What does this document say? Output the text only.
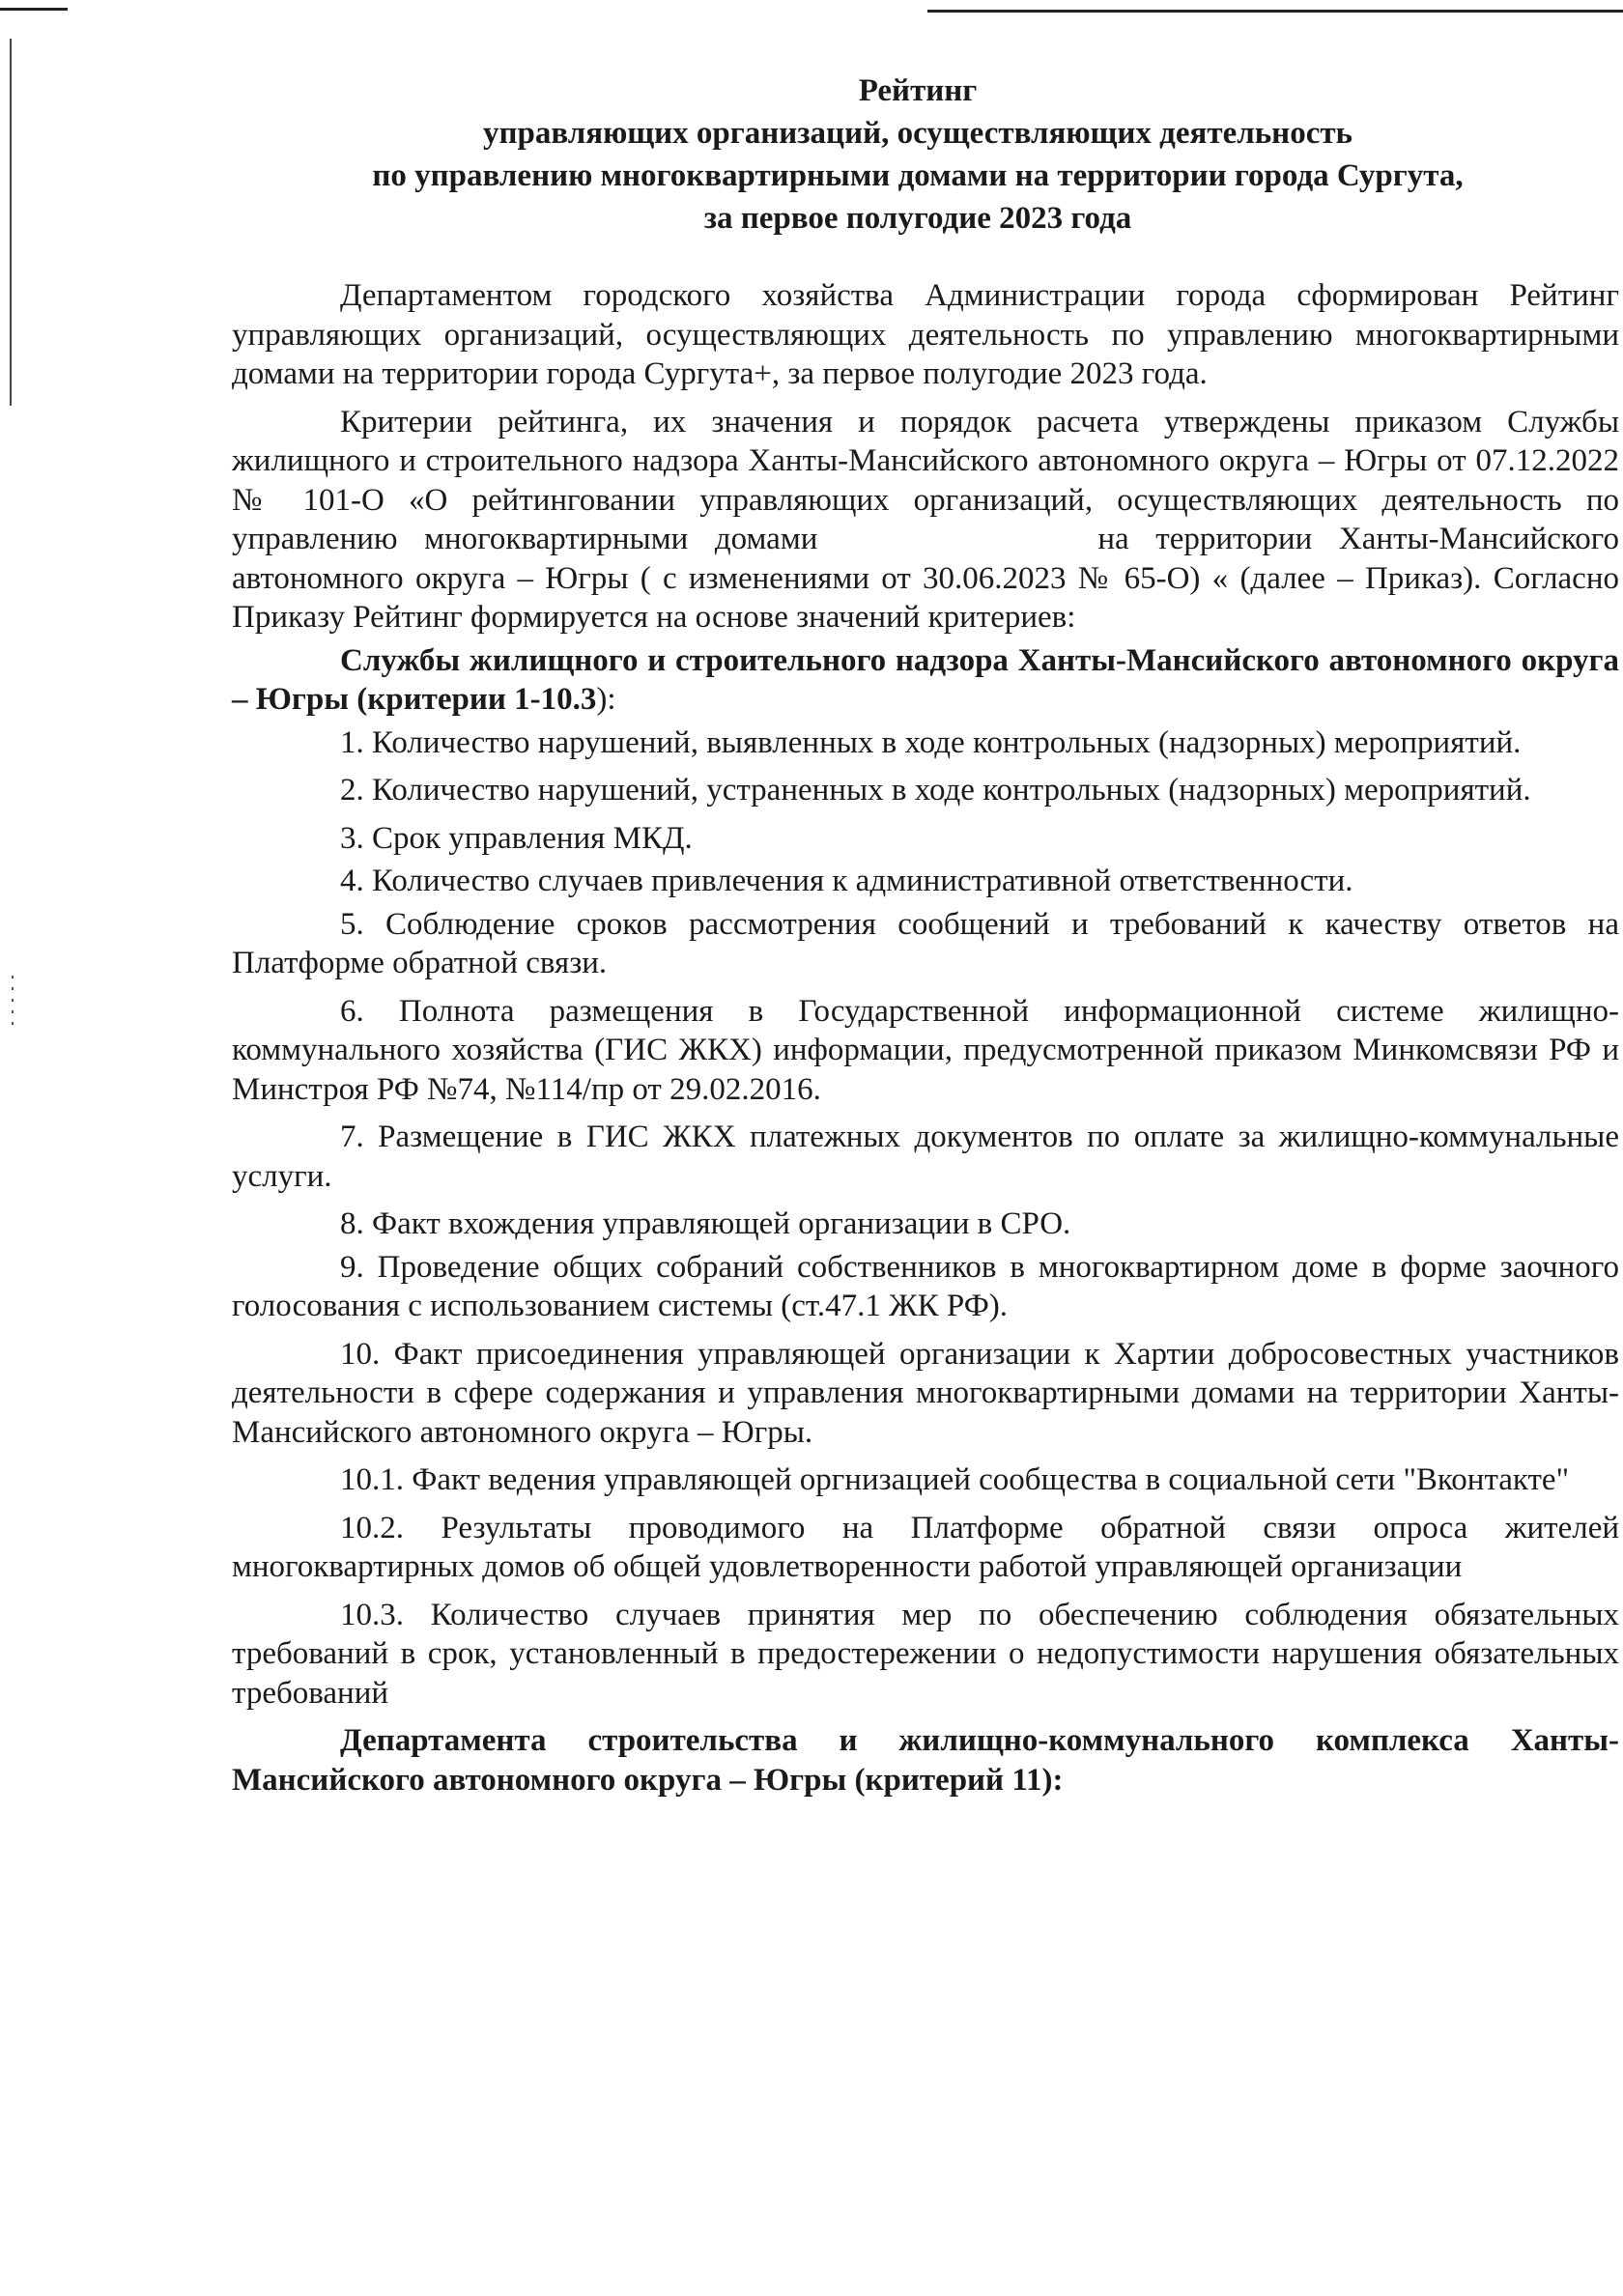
Рейтинг
управляющих организаций, осуществляющих деятельность
по управлению многоквартирными домами на территории города Сургута,
за первое полугодие 2023 года

Департаментом городского хозяйства Администрации города сформирован Рейтинг управляющих организаций, осуществляющих деятельность по управлению многоквартирными домами на территории города Сургута+, за первое полугодие 2023 года.

Критерии рейтинга, их значения и порядок расчета утверждены приказом Службы жилищного и строительного надзора Ханты-Мансийского автономного округа – Югры от 07.12.2022 № 101-О «О рейтинговании управляющих организаций, осуществляющих деятельность по управлению многоквартирными домами	на территории Ханты-Мансийского автономного округа – Югры ( с изменениями от 30.06.2023 № 65-О) « (далее – Приказ). Согласно Приказу Рейтинг формируется на основе значений критериев:

Службы жилищного и строительного надзора Ханты-Мансийского автономного округа – Югры (критерии 1-10.3):

1. Количество нарушений, выявленных в ходе контрольных (надзорных) мероприятий.

2. Количество нарушений, устраненных в ходе контрольных (надзорных) мероприятий.

3. Срок управления МКД.

4. Количество случаев привлечения к административной ответственности.

5. Соблюдение сроков рассмотрения сообщений и требований к качеству ответов на Платформе обратной связи.

6. Полнота размещения в Государственной информационной системе жилищно-коммунального хозяйства (ГИС ЖКХ) информации, предусмотренной приказом Минкомсвязи РФ и Минстроя РФ №74, №114/пр от 29.02.2016.

7. Размещение в ГИС ЖКХ платежных документов по оплате за жилищно-коммунальные услуги.

8. Факт вхождения управляющей организации в СРО.

9. Проведение общих собраний собственников в многоквартирном доме в форме заочного голосования с использованием системы (ст.47.1 ЖК РФ).

10. Факт присоединения управляющей организации к Хартии добросовестных участников деятельности в сфере содержания и управления многоквартирными домами на территории Ханты-Мансийского автономного округа – Югры.

10.1. Факт ведения управляющей оргнизацией сообщества в социальной сети "Вконтакте"

10.2. Результаты проводимого на Платформе обратной связи опроса жителей многоквартирных домов об общей удовлетворенности работой управляющей организации

10.3. Количество случаев принятия мер по обеспечению соблюдения обязательных требований в срок, установленный в предостережении о недопустимости нарушения обязательных требований

Департамента строительства и жилищно-коммунального комплекса Ханты-Мансийского автономного округа – Югры (критерий 11):
